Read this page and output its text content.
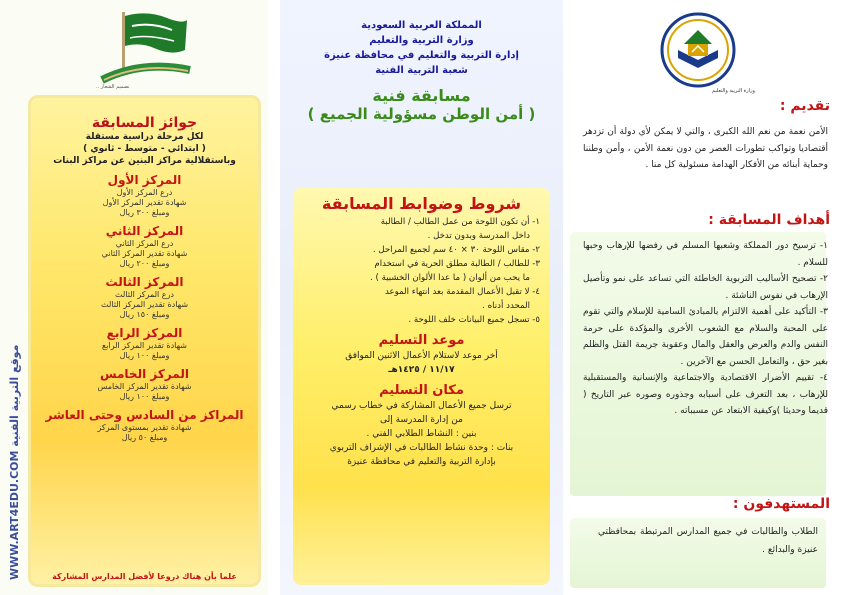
تصميم الشعار ..
WWW.ART4EDU.COM موقع التربية الفنية
جوائز المسابقة
لكل مرحلة دراسية مستقلة
( ابتدائي - متوسط - ثانوي )
وباستقلالية مراكز البنين عن مراكز البنات
المركز الأول
درع المركز الأول
شهادة تقدير المركز الأول
ومبلغ ٣٠٠ ريال
المركز الثاني
درع المركز الثاني
شهادة تقدير المركز الثاني
ومبلغ ٢٠٠ ريال
المركز الثالث
درع المركز الثالث
شهادة تقدير المركز الثالث
ومبلغ ١٥٠ ريال
المركز الرابع
شهادة تقدير المركز الرابع
ومبلغ ١٠٠ ريال
المركز الخامس
شهادة تقدير المركز الخامس
ومبلغ ١٠٠ ريال
المراكز من السادس وحتى العاشر
شهادة تقدير بمستوى المركز
ومبلغ ٥٠ ريال
علما بأن هناك دروعا لأفضل المدارس المشاركة
المملكة العربية السعودية
وزارة التربية والتعليم
إدارة التربية والتعليم في محافظة عنيزة
شعبة التربية الفنية
مسابقة فنية
( أمن الوطن مسؤولية الجميع )
شروط وضوابط المسابقة
١- أن تكون اللوحة من عمل الطالب / الطالبة
داخل المدرسة وبدون تدخل .
٢- مقاس اللوحة ٣٠ × ٤٠ سم لجميع المراحل .
٣- للطالب / الطالبة مطلق الحرية في استخدام
ما يحب من ألوان ( ما عدا الألوان الخشبية ) .
٤- لا تقبل الأعمال المقدمة بعد انتهاء الموعد
المحدد أدناه .
٥- تسجل جميع البيانات خلف اللوحة .
موعد التسليم
أخر موعد لاستلام الأعمال الاثنين الموافق
١١/١٧ / ١٤٢٥هـ
مكان التسليم
ترسل جميع الأعمال المشاركة في خطاب رسمي
من إدارة المدرسة إلى
بنين : النشاط الطلابي الفني .
بنات : وحدة نشاط الطالبات في الإشراف التربوي
بإدارة التربية والتعليم في محافظة عنيزة
وزارة التربية والتعليم
تقديم :
الأمن نعمة من نعم الله الكبرى ، والتي لا يمكن لأي دولة أن تزدهر أقتصاديا وتواكب تطورات العصر من دون نعمة الأمن ، وأمن وطننا وحماية أبنائه من الأفكار الهدامة مسئولية كل منا .
أهداف المسابقة :
١- ترسيخ دور المملكة وشعبها المسلم في رفضها للإرهاب وحبها للسلام .
٢- تصحيح الأساليب التربوية الخاطئة التي تساعد على نمو وتأصيل الإرهاب في نفوس الناشئة .
٣- التأكيد على أهمية الالتزام بالمبادئ السامية للإسلام والتي تقوم على المحبة والسلام مع الشعوب الأخرى والمؤكدة على حرمة النفس والدم والعرض والعقل والمال وعقوبة جريمة القتل والظلم بغير حق ، والتعامل الحسن مع الآخرين .
٤- تقييم الأضرار الاقتصادية والاجتماعية والإنسانية والمستقبلية للإرهاب ، بعد التعرف على أسبابه وجذوره وصوره عبر التاريخ ( قديما وحديثا )وكيفية الابتعاد عن مسبباته .
المستهدفون :
الطلاب والطالبات في جميع المدارس المرتبطة بمحافظتي عنيزة والبدائع .
